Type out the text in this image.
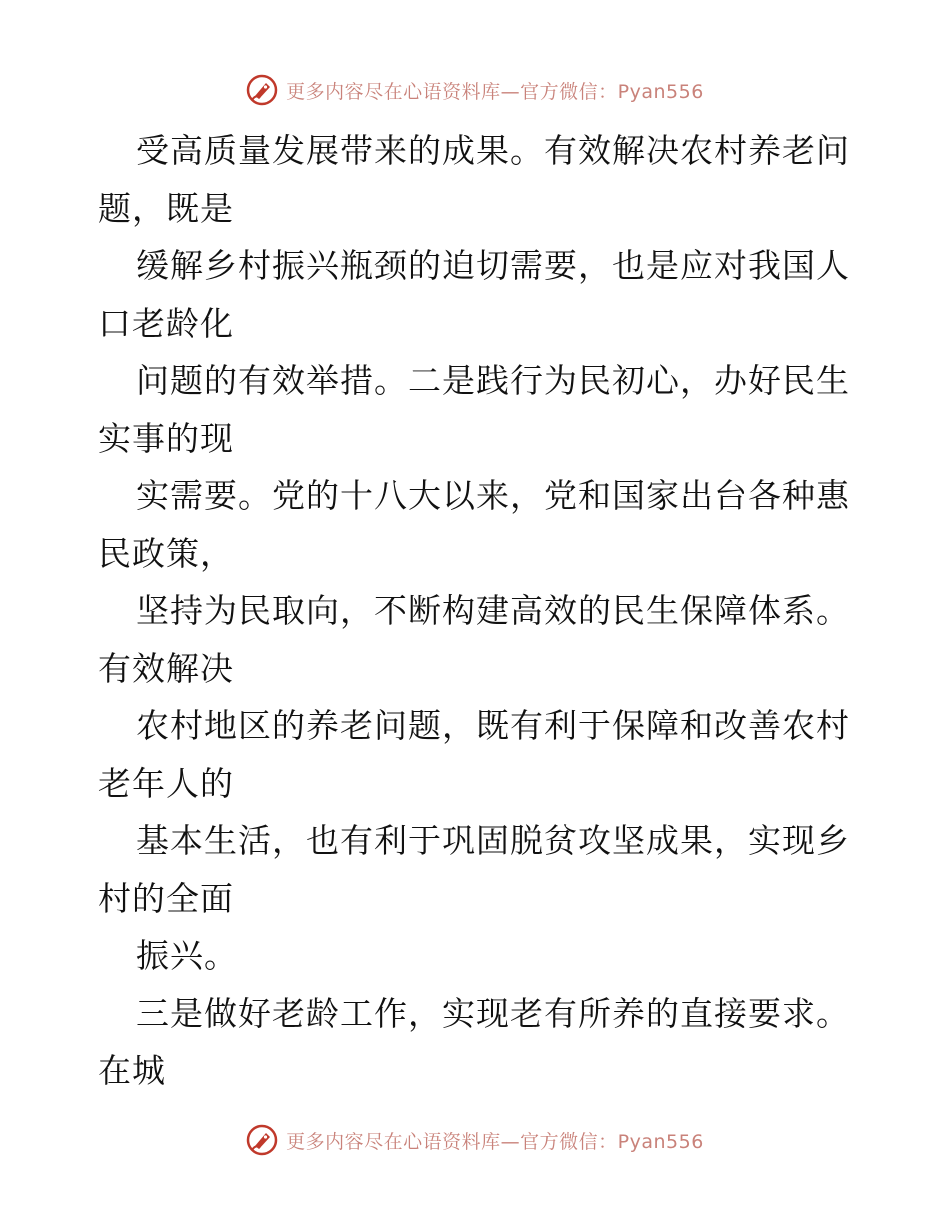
更多内容尽在心语资料库—官方微信：Pyan556
受高质量发展带来的成果。有效解决农村养老问
题，既是
缓解乡村振兴瓶颈的迫切需要，也是应对我国人
口老龄化
问题的有效举措。二是践行为民初心，办好民生
实事的现
实需要。党的十八大以来，党和国家出台各种惠
民政策，
坚持为民取向，不断构建高效的民生保障体系。
有效解决
农村地区的养老问题，既有利于保障和改善农村
老年人的
基本生活，也有利于巩固脱贫攻坚成果，实现乡
村的全面
振兴。
三是做好老龄工作，实现老有所养的直接要求。
在城
更多内容尽在心语资料库—官方微信：Pyan556
